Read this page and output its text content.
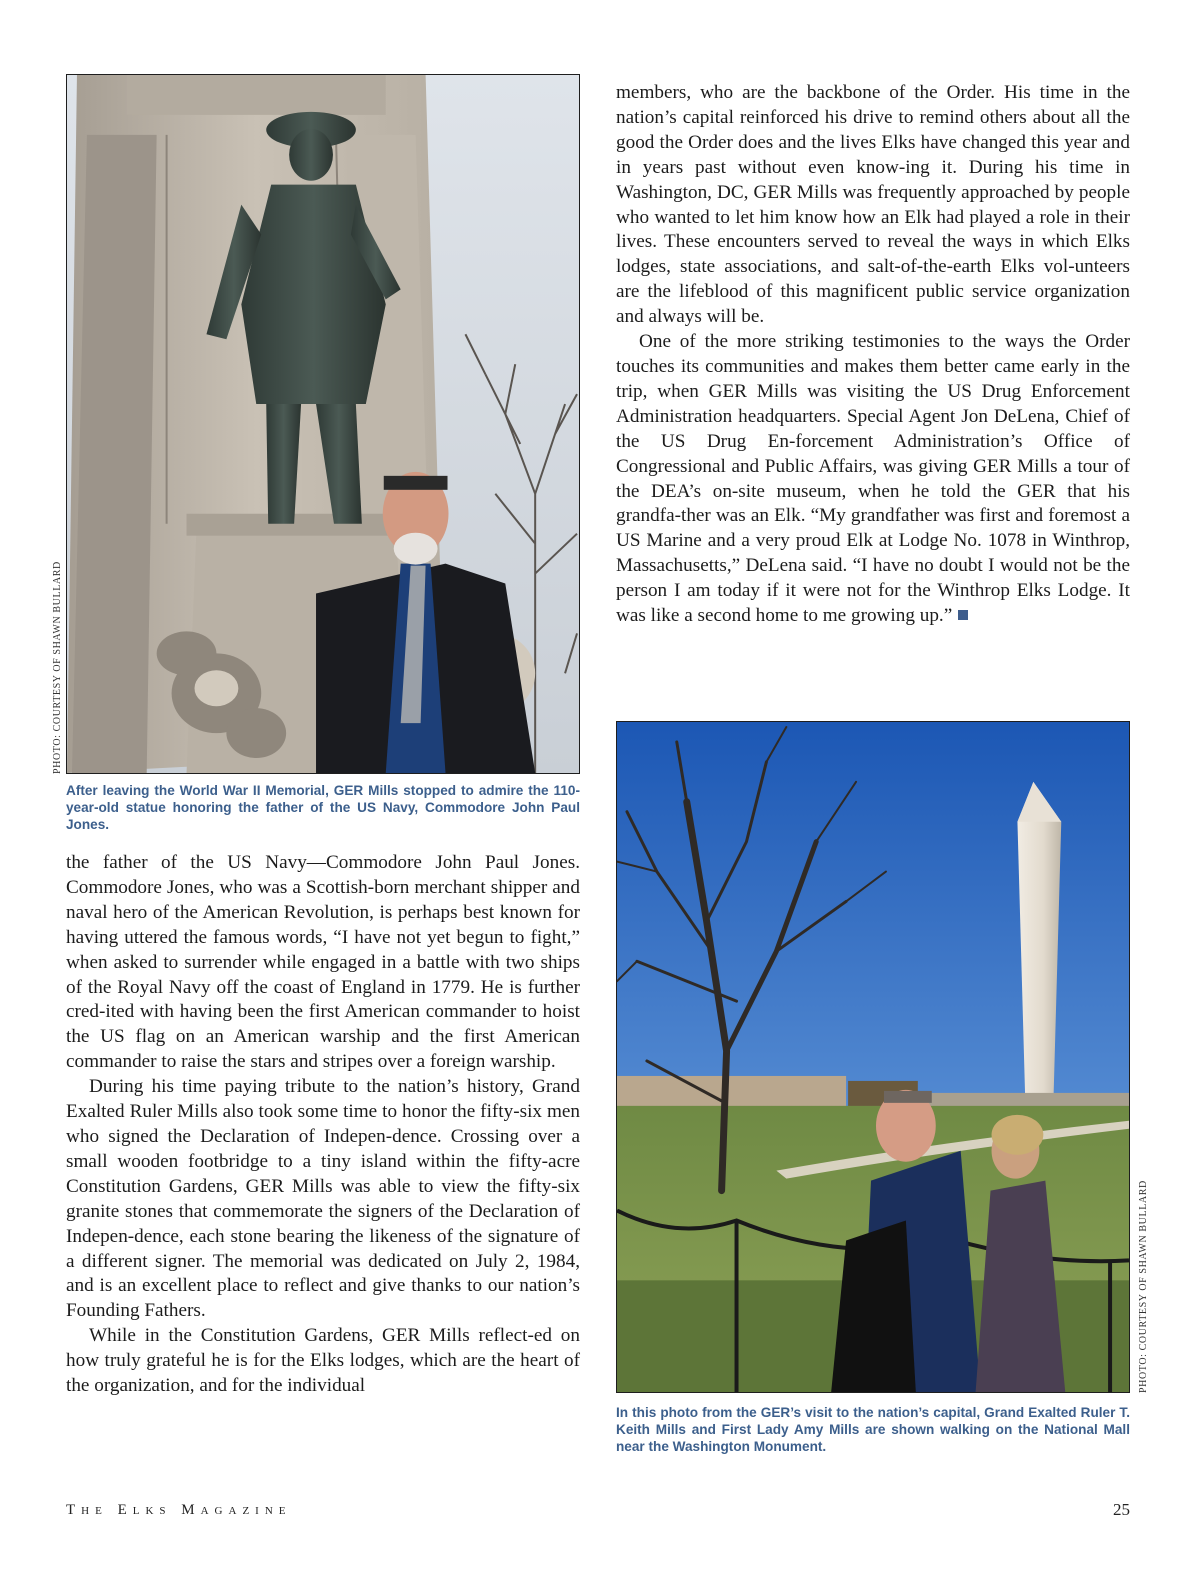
PHOTO: COURTESY OF SHAWN BULLARD

After leaving the World War II Memorial, GER Mills stopped to admire the 110-year-old statue honoring the father of the US Navy, Commodore John Paul Jones.

the father of the US Navy—Commodore John Paul Jones. Commodore Jones, who was a Scottish-born merchant shipper and naval hero of the American Revolution, is perhaps best known for having uttered the famous words, “I have not yet begun to fight,” when asked to surrender while engaged in a battle with two ships of the Royal Navy off the coast of England in 1779. He is further cred-ited with having been the first American commander to hoist the US flag on an American warship and the first American commander to raise the stars and stripes over a foreign warship.

During his time paying tribute to the nation’s history, Grand Exalted Ruler Mills also took some time to honor the fifty-six men who signed the Declaration of Indepen-dence. Crossing over a small wooden footbridge to a tiny island within the fifty-acre Constitution Gardens, GER Mills was able to view the fifty-six granite stones that commemorate the signers of the Declaration of Indepen-dence, each stone bearing the likeness of the signature of a different signer. The memorial was dedicated on July 2, 1984, and is an excellent place to reflect and give thanks to our nation’s Founding Fathers.

While in the Constitution Gardens, GER Mills reflect-ed on how truly grateful he is for the Elks lodges, which are the heart of the organization, and for the individual

members, who are the backbone of the Order. His time in the nation’s capital reinforced his drive to remind others about all the good the Order does and the lives Elks have changed this year and in years past without even know-ing it. During his time in Washington, DC, GER Mills was frequently approached by people who wanted to let him know how an Elk had played a role in their lives. These encounters served to reveal the ways in which Elks lodges, state associations, and salt-of-the-earth Elks vol-unteers are the lifeblood of this magnificent public service organization and always will be.

One of the more striking testimonies to the ways the Order touches its communities and makes them better came early in the trip, when GER Mills was visiting the US Drug Enforcement Administration headquarters. Special Agent Jon DeLena, Chief of the US Drug En-forcement Administration’s Office of Congressional and Public Affairs, was giving GER Mills a tour of the DEA’s on-site museum, when he told the GER that his grandfa-ther was an Elk. “My grandfather was first and foremost a US Marine and a very proud Elk at Lodge No. 1078 in Winthrop, Massachusetts,” DeLena said. “I have no doubt I would not be the person I am today if it were not for the Winthrop Elks Lodge. It was like a second home to me growing up.”

PHOTO: COURTESY OF SHAWN BULLARD

In this photo from the GER’s visit to the nation’s capital, Grand Exalted Ruler T. Keith Mills and First Lady Amy Mills are shown walking on the National Mall near the Washington Monument.

The Elks Magazine	25
